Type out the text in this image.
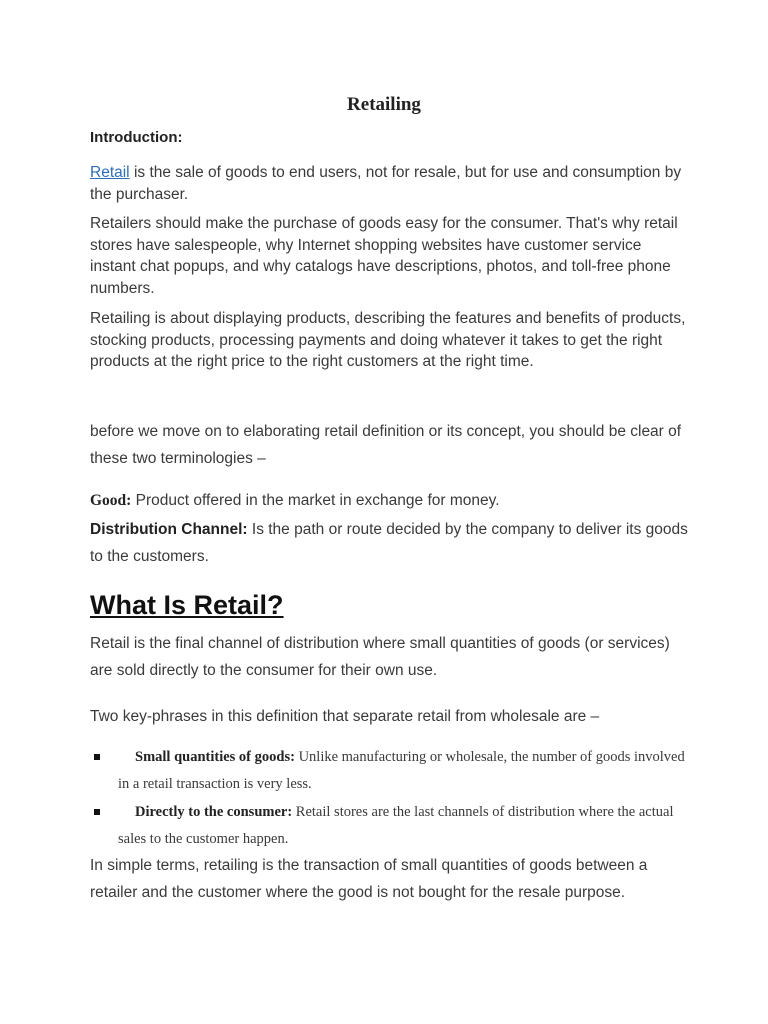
Retailing
Introduction:
Retail is the sale of goods to end users, not for resale, but for use and consumption by the purchaser.
Retailers should make the purchase of goods easy for the consumer. That's why retail stores have salespeople, why Internet shopping websites have customer service instant chat popups, and why catalogs have descriptions, photos, and toll-free phone numbers.
Retailing is about displaying products, describing the features and benefits of products, stocking products, processing payments and doing whatever it takes to get the right products at the right price to the right customers at the right time.
before we move on to elaborating retail definition or its concept, you should be clear of these two terminologies –
Good: Product offered in the market in exchange for money.
Distribution Channel: Is the path or route decided by the company to deliver its goods to the customers.
What Is Retail?
Retail is the final channel of distribution where small quantities of goods (or services) are sold directly to the consumer for their own use.
Two key-phrases in this definition that separate retail from wholesale are –
Small quantities of goods: Unlike manufacturing or wholesale, the number of goods involved in a retail transaction is very less.
Directly to the consumer: Retail stores are the last channels of distribution where the actual sales to the customer happen.
In simple terms, retailing is the transaction of small quantities of goods between a retailer and the customer where the good is not bought for the resale purpose.
